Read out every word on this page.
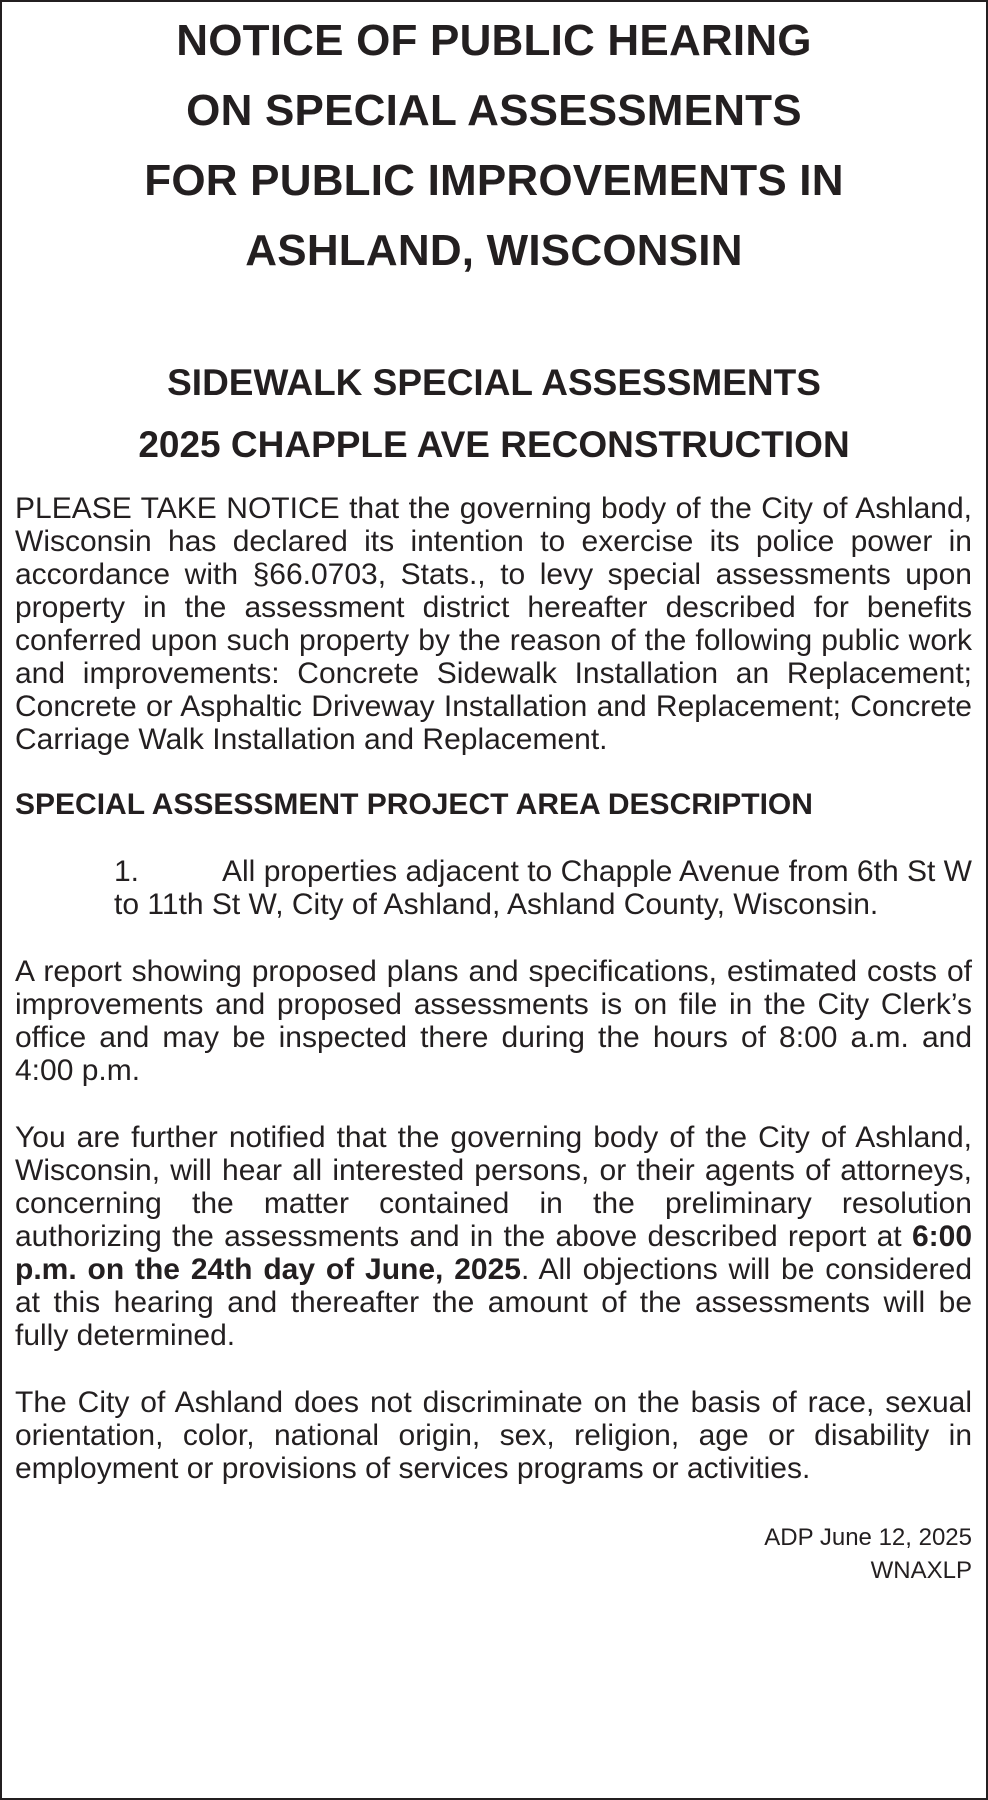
NOTICE OF PUBLIC HEARING
ON SPECIAL ASSESSMENTS
FOR PUBLIC IMPROVEMENTS IN
ASHLAND, WISCONSIN
SIDEWALK SPECIAL ASSESSMENTS
2025 CHAPPLE AVE RECONSTRUCTION

PLEASE TAKE NOTICE that the governing body of the City of Ashland, Wisconsin has declared its intention to exercise its police power in accordance with §66.0703, Stats., to levy special assessments upon property in the assessment district hereafter described for benefits conferred upon such property by the reason of the following public work and improvements: Concrete Sidewalk Installation an Replacement; Concrete or Asphaltic Driveway Installation and Replacement; Concrete Carriage Walk Installation and Replacement.

SPECIAL ASSESSMENT PROJECT AREA DESCRIPTION
1.	All properties adjacent to Chapple Avenue from 6th St W to 11th St W, City of Ashland, Ashland County, Wisconsin.

A report showing proposed plans and specifications, estimated costs of improvements and proposed assessments is on file in the City Clerk’s office and may be inspected there during the hours of 8:00 a.m. and 4:00 p.m.

You are further notified that the governing body of the City of Ashland, Wisconsin, will hear all interested persons, or their agents of attorneys, concerning the matter contained in the preliminary resolution authorizing the assessments and in the above described report at 6:00 p.m. on the 24th day of June, 2025. All objections will be considered at this hearing and thereafter the amount of the assessments will be fully determined.

The City of Ashland does not discriminate on the basis of race, sexual orientation, color, national origin, sex, religion, age or disability in employment or provisions of services programs or activities.

ADP June 12, 2025
WNAXLP
